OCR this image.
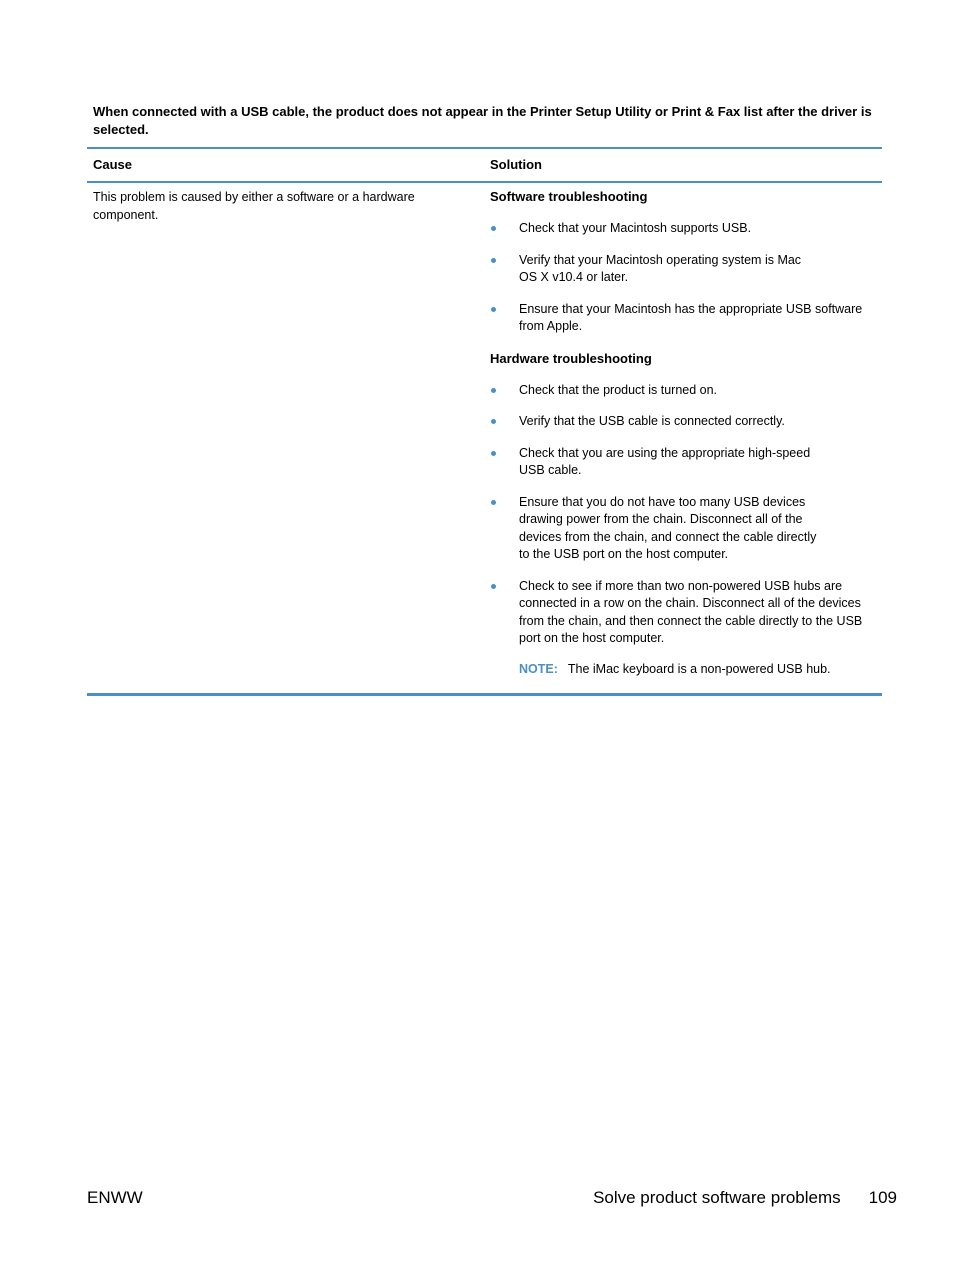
When connected with a USB cable, the product does not appear in the Printer Setup Utility or Print & Fax list after the driver is selected.
Cause	Solution
This problem is caused by either a software or a hardware component.
Software troubleshooting
Check that your Macintosh supports USB.
Verify that your Macintosh operating system is Mac OS X v10.4 or later.
Ensure that your Macintosh has the appropriate USB software from Apple.
Hardware troubleshooting
Check that the product is turned on.
Verify that the USB cable is connected correctly.
Check that you are using the appropriate high-speed USB cable.
Ensure that you do not have too many USB devices drawing power from the chain. Disconnect all of the devices from the chain, and connect the cable directly to the USB port on the host computer.
Check to see if more than two non-powered USB hubs are connected in a row on the chain. Disconnect all of the devices from the chain, and then connect the cable directly to the USB port on the host computer.
NOTE: The iMac keyboard is a non-powered USB hub.
ENWW	Solve product software problems 109
